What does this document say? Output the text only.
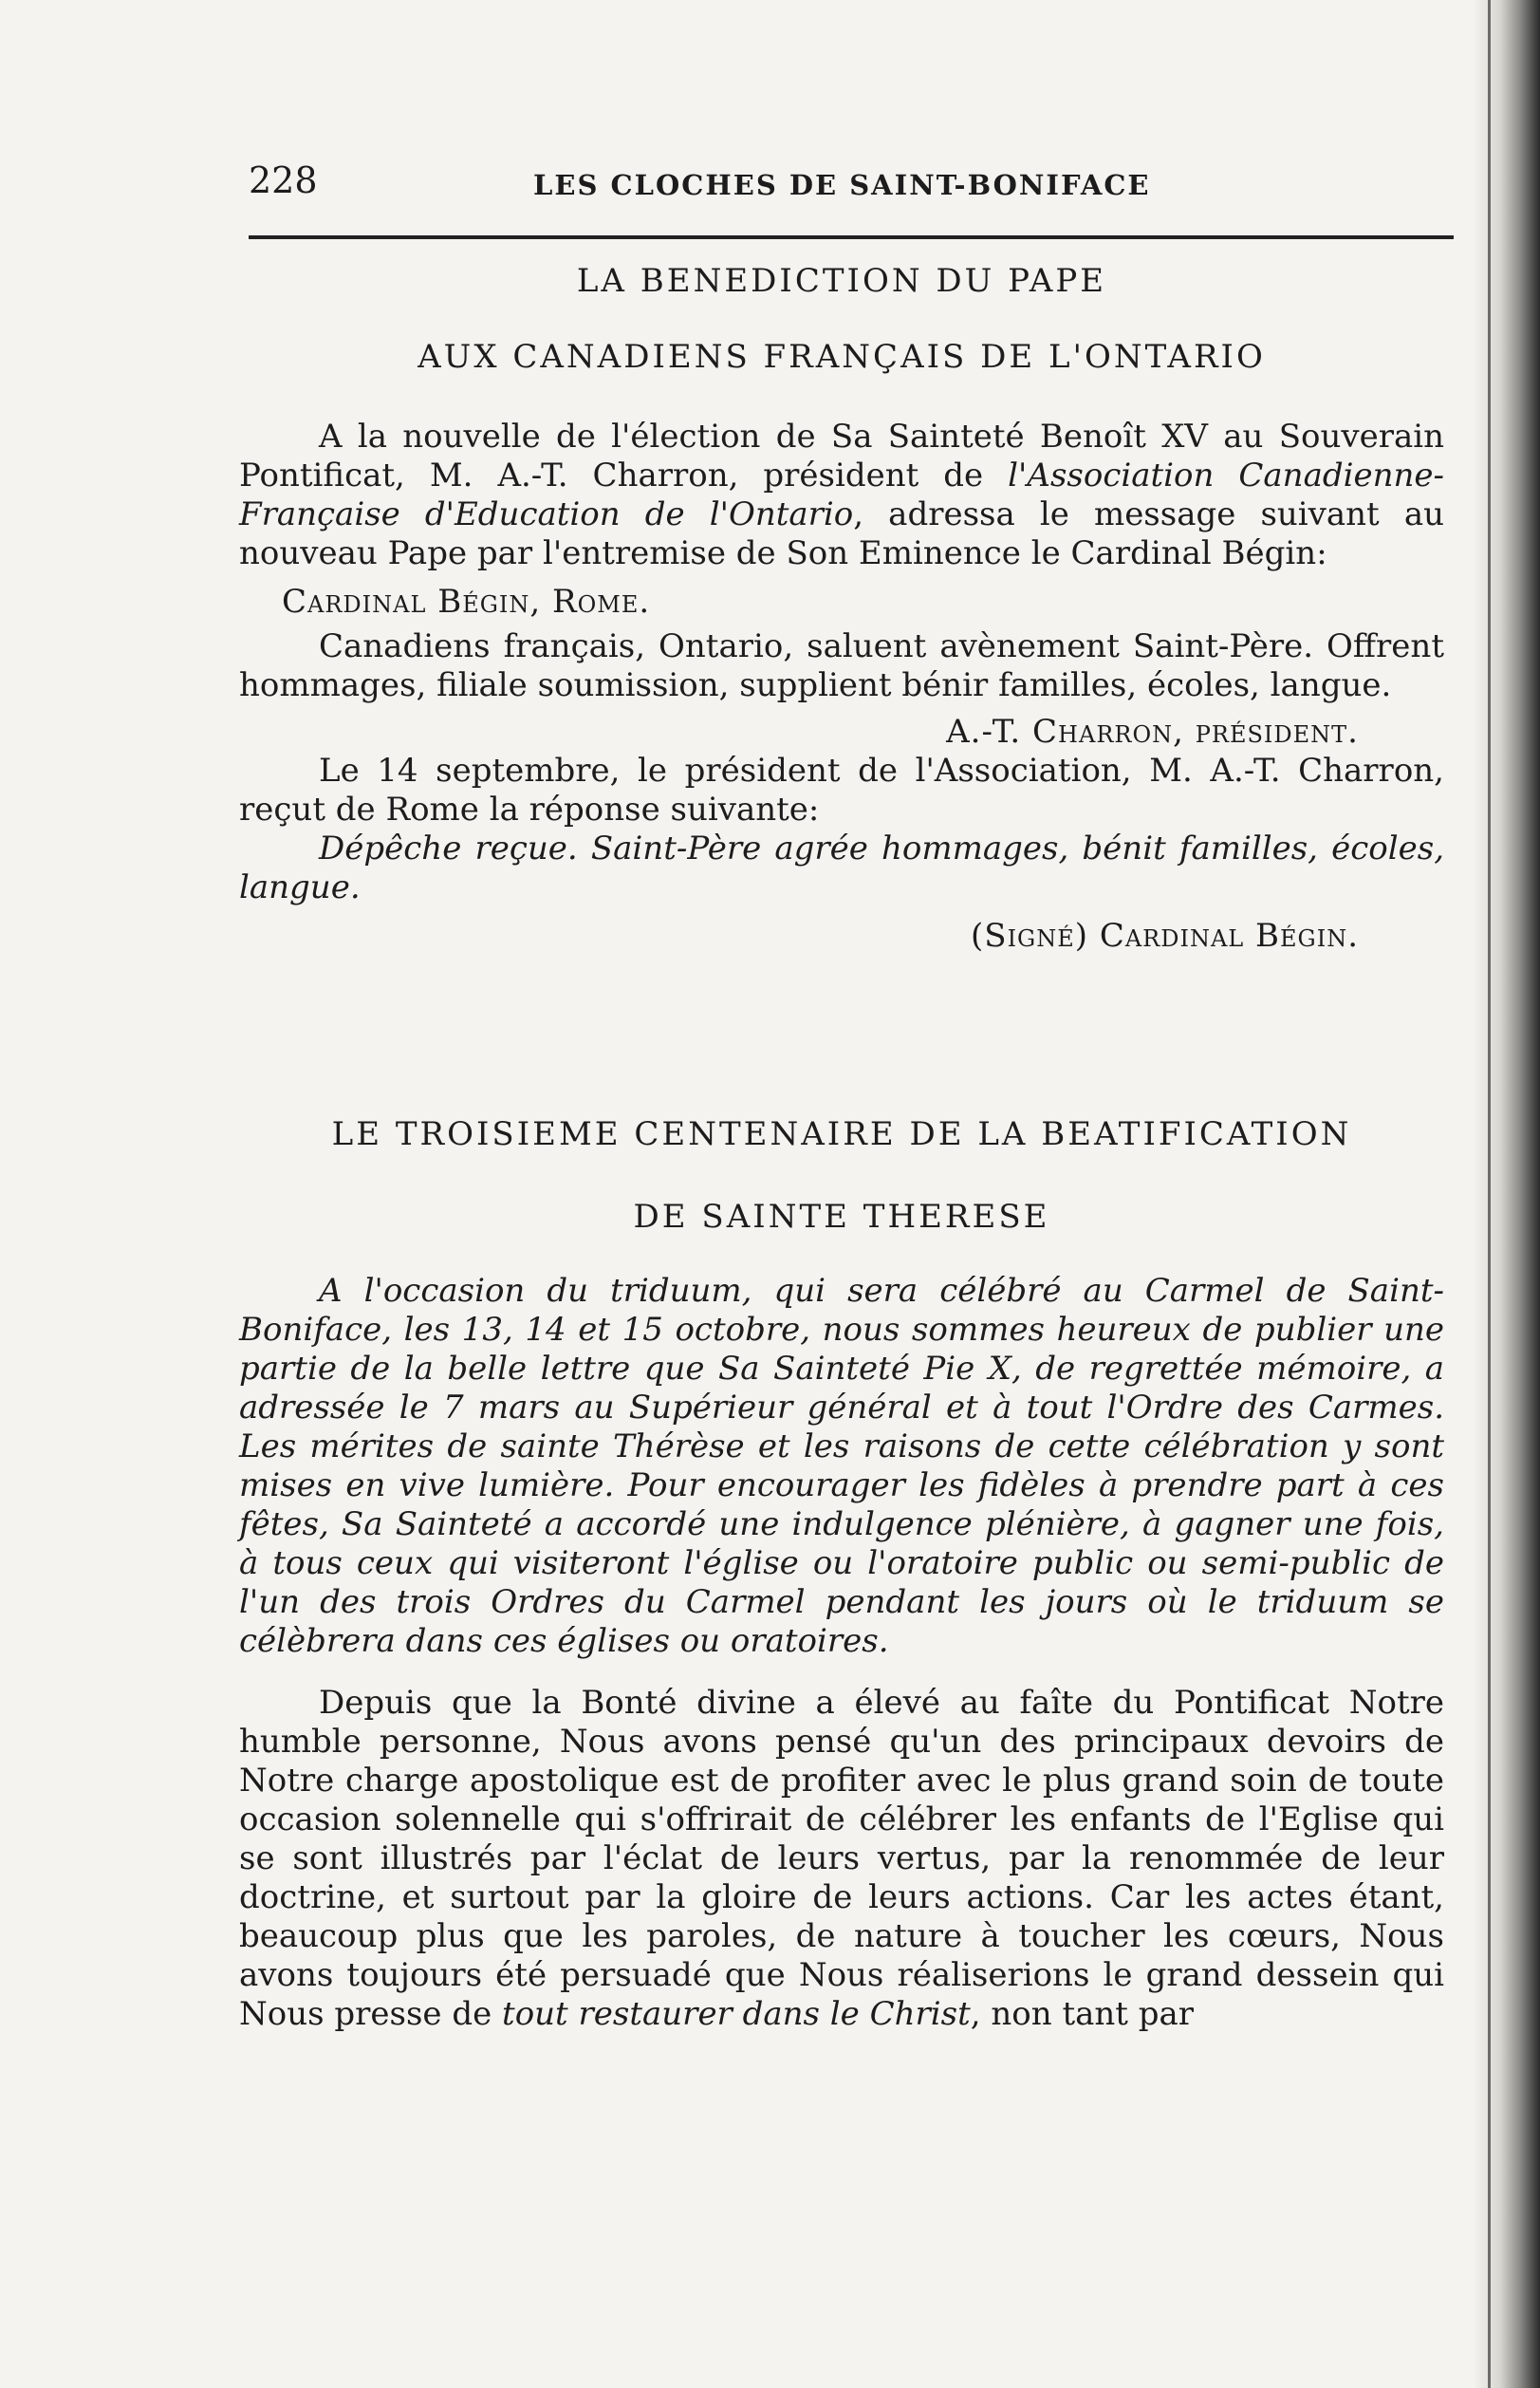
228	LES CLOCHES DE SAINT-BONIFACE
LA BENEDICTION DU PAPE
AUX CANADIENS FRANÇAIS DE L'ONTARIO

A la nouvelle de l'élection de Sa Sainteté Benoît XV au Souverain Pontificat, M. A.-T. Charron, président de l'Association Canadienne-Française d'Education de l'Ontario, adressa le message suivant au nouveau Pape par l'entremise de Son Eminence le Cardinal Bégin:

Cardinal Bégin, Rome.

Canadiens français, Ontario, saluent avènement Saint-Père. Offrent hommages, filiale soumission, supplient bénir familles, écoles, langue.

A.-T. Charron, président.

Le 14 septembre, le président de l'Association, M. A.-T. Charron, reçut de Rome la réponse suivante:

Dépêche reçue. Saint-Père agrée hommages, bénit familles, écoles, langue.

(Signé) Cardinal Bégin.

LE TROISIEME CENTENAIRE DE LA BEATIFICATION
DE SAINTE THERESE

A l'occasion du triduum, qui sera célébré au Carmel de Saint-Boniface, les 13, 14 et 15 octobre, nous sommes heureux de publier une partie de la belle lettre que Sa Sainteté Pie X, de regrettée mémoire, a adressée le 7 mars au Supérieur général et à tout l'Ordre des Carmes. Les mérites de sainte Thérèse et les raisons de cette célébration y sont mises en vive lumière. Pour encourager les fidèles à prendre part à ces fêtes, Sa Sainteté a accordé une indulgence plénière, à gagner une fois, à tous ceux qui visiteront l'église ou l'oratoire public ou semi-public de l'un des trois Ordres du Carmel pendant les jours où le triduum se célèbrera dans ces églises ou oratoires.

Depuis que la Bonté divine a élevé au faîte du Pontificat Notre humble personne, Nous avons pensé qu'un des principaux devoirs de Notre charge apostolique est de profiter avec le plus grand soin de toute occasion solennelle qui s'offrirait de célébrer les enfants de l'Eglise qui se sont illustrés par l'éclat de leurs vertus, par la renommée de leur doctrine, et surtout par la gloire de leurs actions. Car les actes étant, beaucoup plus que les paroles, de nature à toucher les cœurs, Nous avons toujours été persuadé que Nous réaliserions le grand dessein qui Nous presse de tout restaurer dans le Christ, non tant par
